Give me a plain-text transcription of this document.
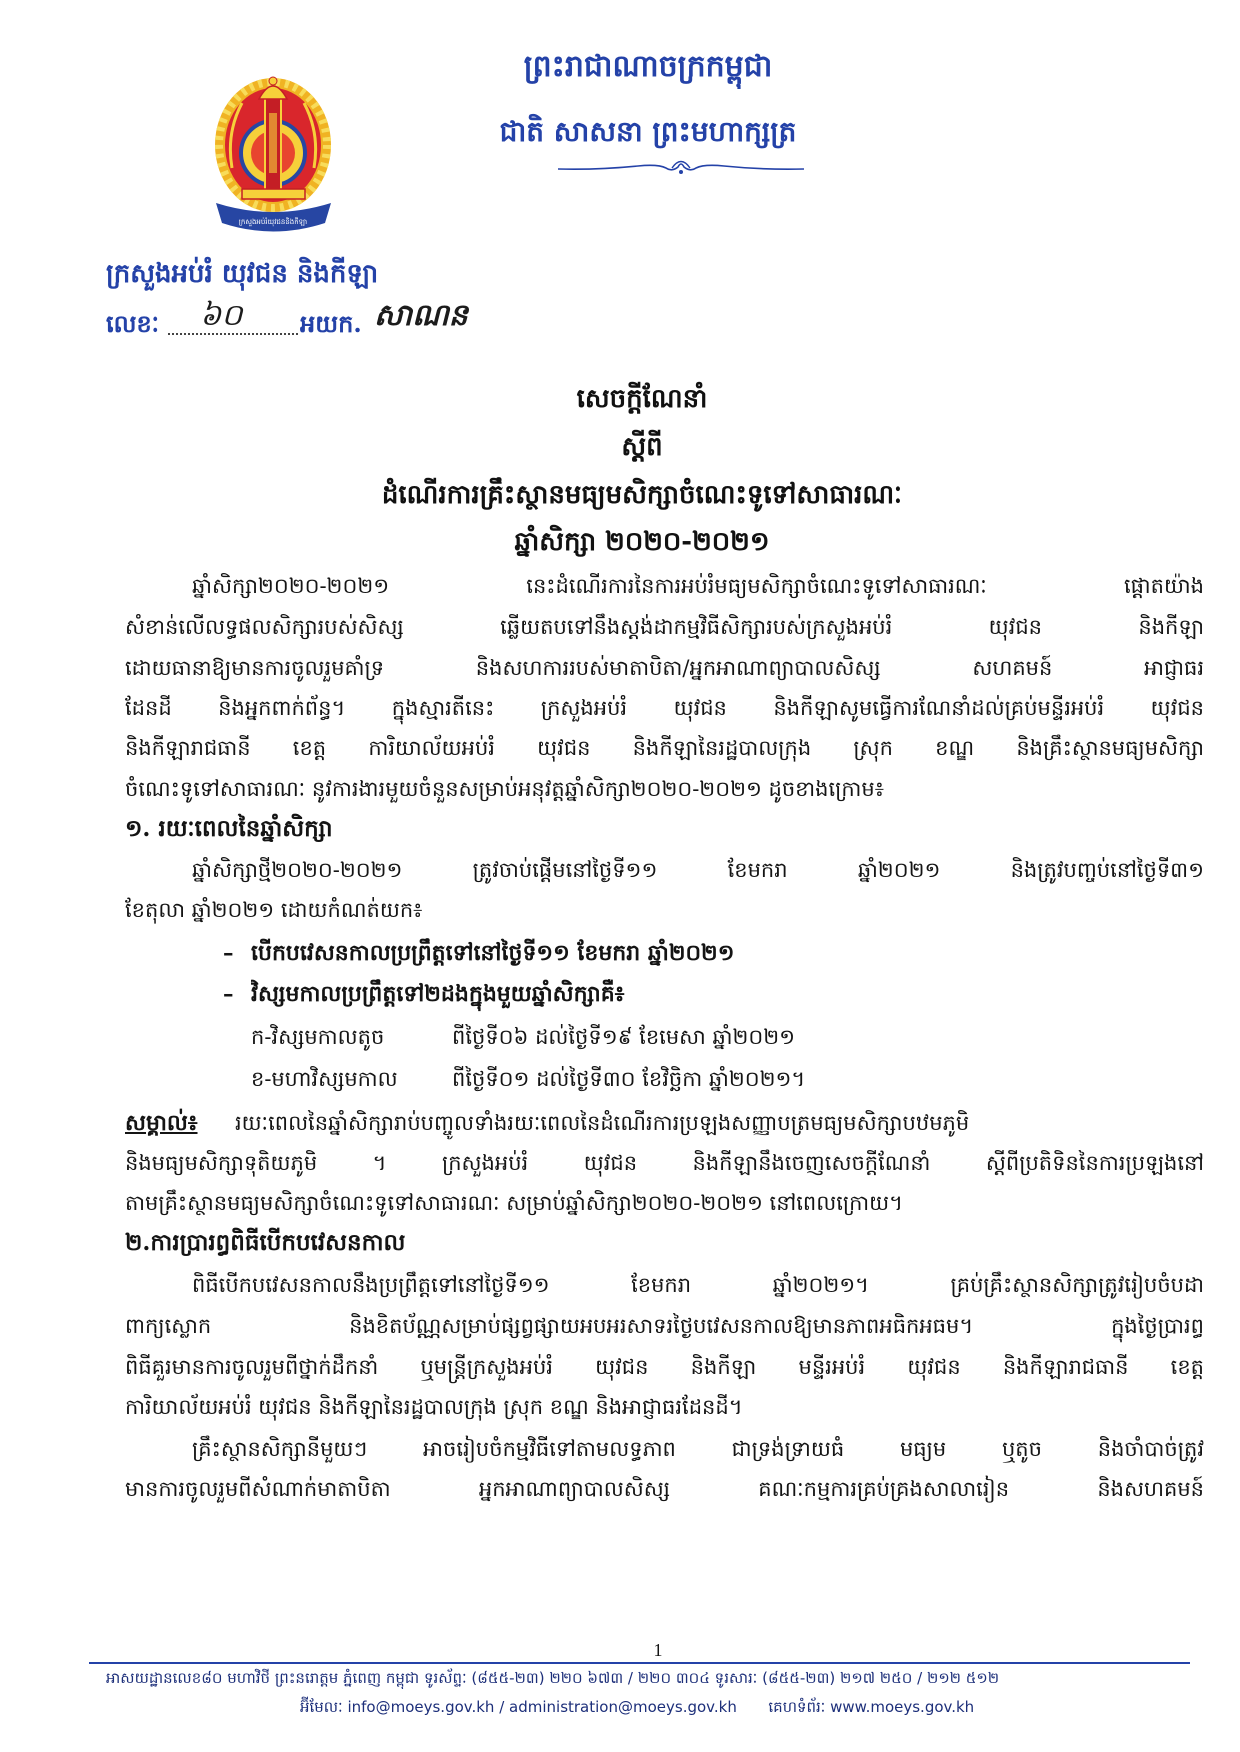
ក្រសួងអប់រំយុវជននិងកីឡា
ព្រះរាជាណាចក្រកម្ពុជា
ជាតិ សាសនា ព្រះមហាក្សត្រ
ក្រសួងអប់រំ យុវជន និងកីឡា
លេខៈ ៦០ អយក. សាណន
សេចក្តីណែនាំ
ស្តីពី
ដំណើរការគ្រឹះស្ថានមធ្យមសិក្សាចំណេះទូទៅសាធារណៈ
ឆ្នាំសិក្សា ២០២០-២០២១
ឆ្នាំសិក្សា២០២០-២០២១ នេះដំណើរការនៃការអប់រំមធ្យមសិក្សាចំណេះទូទៅសាធារណៈ ផ្តោតយ៉ាង
សំខាន់លើលទ្ធផលសិក្សារបស់សិស្ស ឆ្លើយតបទៅនឹងស្តង់ដាកម្មវិធីសិក្សារបស់ក្រសួងអប់រំ យុវជន និងកីឡា
ដោយធានាឱ្យមានការចូលរួមគាំទ្រ និងសហការរបស់មាតាបិតា/អ្នកអាណាព្យាបាលសិស្ស សហគមន៍ អាជ្ញាធរ
ដែនដី និងអ្នកពាក់ព័ន្ធ។ ក្នុងស្មារតីនេះ ក្រសួងអប់រំ យុវជន និងកីឡាសូមធ្វើការណែនាំដល់គ្រប់មន្ទីរអប់រំ យុវជន
និងកីឡារាជធានី ខេត្ត ការិយាល័យអប់រំ យុវជន និងកីឡានៃរដ្ឋបាលក្រុង ស្រុក ខណ្ឌ និងគ្រឹះស្ថានមធ្យមសិក្សា
ចំណេះទូទៅសាធារណៈ នូវការងារមួយចំនួនសម្រាប់អនុវត្តឆ្នាំសិក្សា២០២០-២០២១ ដូចខាងក្រោម៖
១. រយៈពេលនៃឆ្នាំសិក្សា
ឆ្នាំសិក្សាថ្មី២០២០-២០២១ ត្រូវចាប់ផ្តើមនៅថ្ងៃទី១១ ខែមករា ឆ្នាំ២០២១ និងត្រូវបញ្ចប់នៅថ្ងៃទី៣១
ខែតុលា ឆ្នាំ២០២១ ដោយកំណត់យក៖
– បើកបវេសនកាលប្រព្រឹត្តទៅនៅថ្ងៃទី១១ ខែមករា ឆ្នាំ២០២១
– វិស្សមកាលប្រព្រឹត្តទៅ២ដងក្នុងមួយឆ្នាំសិក្សាគឺ៖
ក-វិស្សមកាលតូច	ពីថ្ងៃទី០៦ ដល់ថ្ងៃទី១៩ ខែមេសា ឆ្នាំ២០២១
ខ-មហាវិស្សមកាល	ពីថ្ងៃទី០១ ដល់ថ្ងៃទី៣០ ខែវិច្ឆិកា ឆ្នាំ២០២១។
សម្គាល់៖	រយៈពេលនៃឆ្នាំសិក្សារាប់បញ្ចូលទាំងរយៈពេលនៃដំណើរការប្រឡងសញ្ញាបត្រមធ្យមសិក្សាបឋមភូមិ
និងមធ្យមសិក្សាទុតិយភូមិ ។ ក្រសួងអប់រំ យុវជន និងកីឡានឹងចេញសេចក្តីណែនាំ ស្តីពីប្រតិទិននៃការប្រឡងនៅ
តាមគ្រឹះស្ថានមធ្យមសិក្សាចំណេះទូទៅសាធារណៈ សម្រាប់ឆ្នាំសិក្សា២០២០-២០២១ នៅពេលក្រោយ។
២.ការប្រារព្ធពិធីបើកបវេសនកាល
ពិធីបើកបវេសនកាលនឹងប្រព្រឹត្តទៅនៅថ្ងៃទី១១ ខែមករា ឆ្នាំ២០២១។ គ្រប់គ្រឹះស្ថានសិក្សាត្រូវរៀបចំបដា
ពាក្យស្លោក និងខិតប័ណ្ណសម្រាប់ផ្សព្វផ្សាយអបអរសាទរថ្ងៃបវេសនកាលឱ្យមានភាពអធិកអធម។ ក្នុងថ្ងៃប្រារព្ធ
ពិធីគួរមានការចូលរួមពីថ្នាក់ដឹកនាំ ឬមន្ត្រីក្រសួងអប់រំ យុវជន និងកីឡា មន្ទីរអប់រំ យុវជន និងកីឡារាជធានី ខេត្ត
ការិយាល័យអប់រំ យុវជន និងកីឡានៃរដ្ឋបាលក្រុង ស្រុក ខណ្ឌ និងអាជ្ញាធរដែនដី។
គ្រឹះស្ថានសិក្សានីមួយៗ អាចរៀបចំកម្មវិធីទៅតាមលទ្ធភាព ជាទ្រង់ទ្រាយធំ មធ្យម ឬតូច និងចាំបាច់ត្រូវ
មានការចូលរួមពីសំណាក់មាតាបិតា អ្នកអាណាព្យាបាលសិស្ស គណៈកម្មការគ្រប់គ្រងសាលារៀន និងសហគមន៍
1
អាសយដ្ឋានលេខ៨០ មហាវិថី ព្រះនរោត្តម ភ្នំពេញ កម្ពុជា ទូរស័ព្ទៈ (៨៥៥-២៣) ២២០ ៦៧៣ / ២២០ ៣០៤ ទូរសារៈ (៨៥៥-២៣) ២១៧ ២៥០ / ២១២ ៥១២
អ៊ីមែលៈ info@moeys.gov.kh / administration@moeys.gov.kh គេហទំព័រៈ www.moeys.gov.kh
